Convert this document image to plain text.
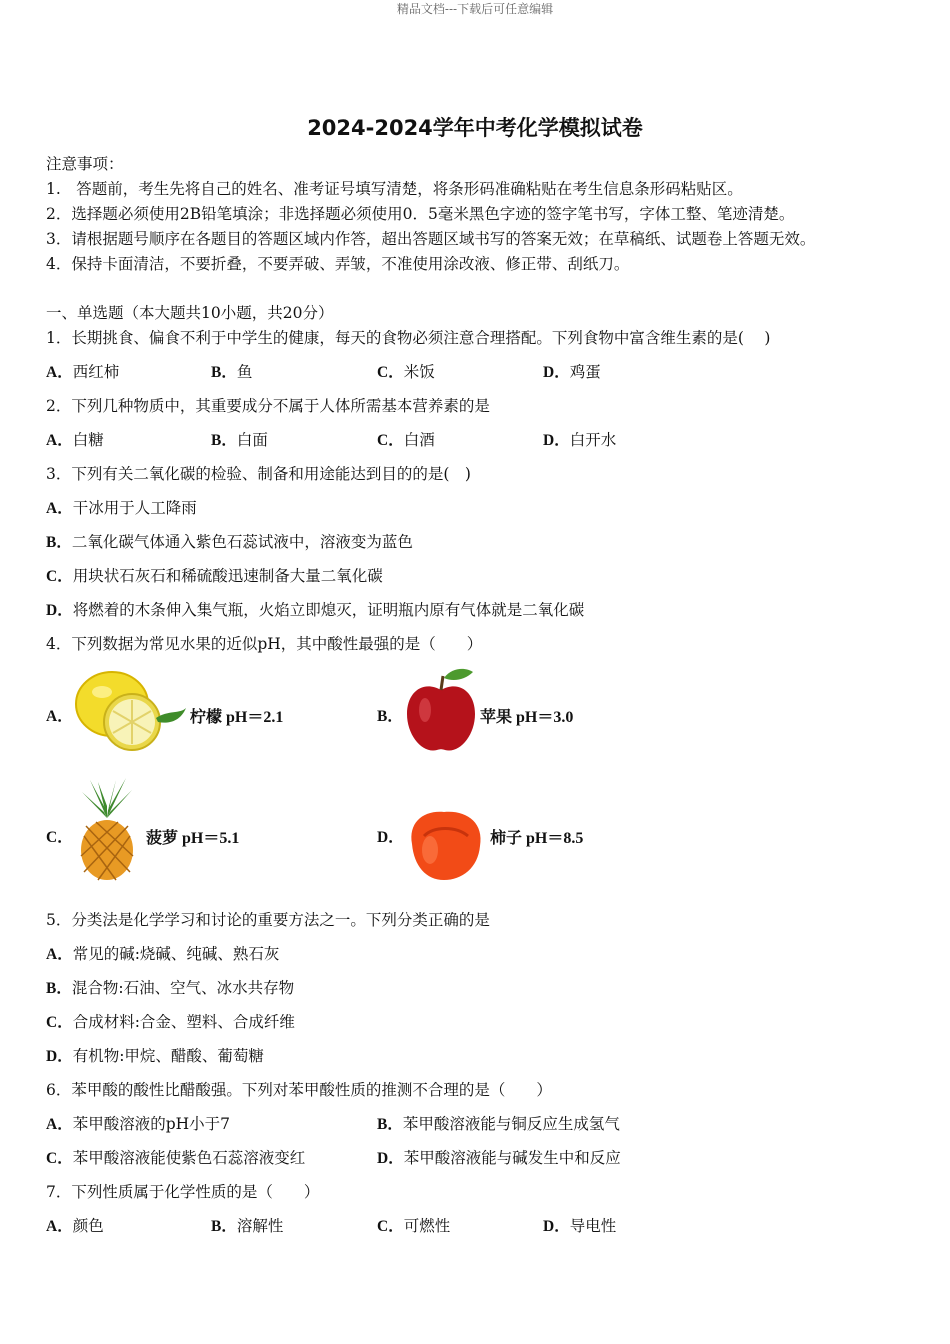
精品文档---下载后可任意编辑
2024-2024学年中考化学模拟试卷
注意事项：
1.　答题前，考生先将自己的姓名、准考证号填写清楚，将条形码准确粘贴在考生信息条形码粘贴区。
2．选择题必须使用2B铅笔填涂；非选择题必须使用0．5毫米黑色字迹的签字笔书写，字体工整、笔迹清楚。
3．请根据题号顺序在各题目的答题区域内作答，超出答题区域书写的答案无效；在草稿纸、试题卷上答题无效。
4．保持卡面清洁，不要折叠，不要弄破、弄皱，不准使用涂改液、修正带、刮纸刀。
一、单选题（本大题共10小题，共20分）
1．长期挑食、偏食不利于中学生的健康，每天的食物必须注意合理搭配。下列食物中富含维生素的是(　 )
A．西红柿	B．鱼	C．米饭	D．鸡蛋
2．下列几种物质中，其重要成分不属于人体所需基本营养素的是
A．白糖	B．白面	C．白酒	D．白开水
3．下列有关二氧化碳的检验、制备和用途能达到目的的是(　)
A．干冰用于人工降雨
B．二氧化碳气体通入紫色石蕊试液中，溶液变为蓝色
C．用块状石灰石和稀硫酸迅速制备大量二氧化碳
D．将燃着的木条伸入集气瓶，火焰立即熄灭，证明瓶内原有气体就是二氧化碳
4．下列数据为常见水果的近似pH，其中酸性最强的是（　　）
A．	柠檬 pH＝2.1	B．	苹果 pH＝3.0
C．	菠萝 pH＝5.1	D．	柿子 pH＝8.5
5．分类法是化学学习和讨论的重要方法之一。下列分类正确的是
A．常见的碱:烧碱、纯碱、熟石灰
B．混合物:石油、空气、冰水共存物
C．合成材料:合金、塑料、合成纤维
D．有机物:甲烷、醋酸、葡萄糖
6．苯甲酸的酸性比醋酸强。下列对苯甲酸性质的推测不合理的是（　　）
A．苯甲酸溶液的pH小于7	B．苯甲酸溶液能与铜反应生成氢气
C．苯甲酸溶液能使紫色石蕊溶液变红	D．苯甲酸溶液能与碱发生中和反应
7．下列性质属于化学性质的是（　　）
A．颜色	B．溶解性	C．可燃性	D．导电性
